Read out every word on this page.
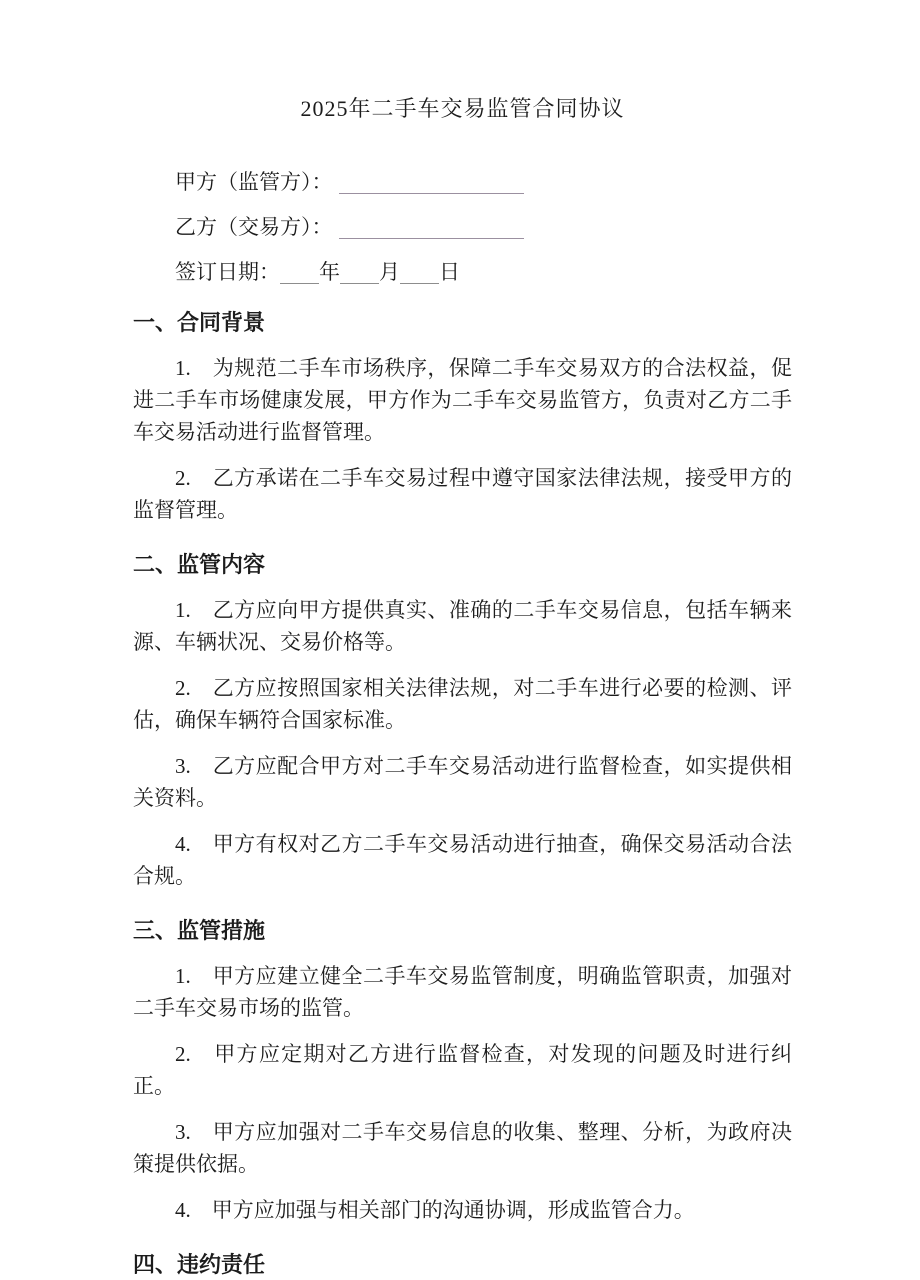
2025年二手车交易监管合同协议
甲方（监管方）：
乙方（交易方）：
签订日期： 年 月 日
一、合同背景

1.　为规范二手车市场秩序，保障二手车交易双方的合法权益，促进二手车市场健康发展，甲方作为二手车交易监管方，负责对乙方二手车交易活动进行监督管理。

2.　乙方承诺在二手车交易过程中遵守国家法律法规，接受甲方的监督管理。

二、监管内容

1.　乙方应向甲方提供真实、准确的二手车交易信息，包括车辆来源、车辆状况、交易价格等。

2.　乙方应按照国家相关法律法规，对二手车进行必要的检测、评估，确保车辆符合国家标准。

3.　乙方应配合甲方对二手车交易活动进行监督检查，如实提供相关资料。

4.　甲方有权对乙方二手车交易活动进行抽查，确保交易活动合法合规。

三、监管措施

1.　甲方应建立健全二手车交易监管制度，明确监管职责，加强对二手车交易市场的监管。

2.　甲方应定期对乙方进行监督检查，对发现的问题及时进行纠正。

3.　甲方应加强对二手车交易信息的收集、整理、分析，为政府决策提供依据。

4.　甲方应加强与相关部门的沟通协调，形成监管合力。

四、违约责任
